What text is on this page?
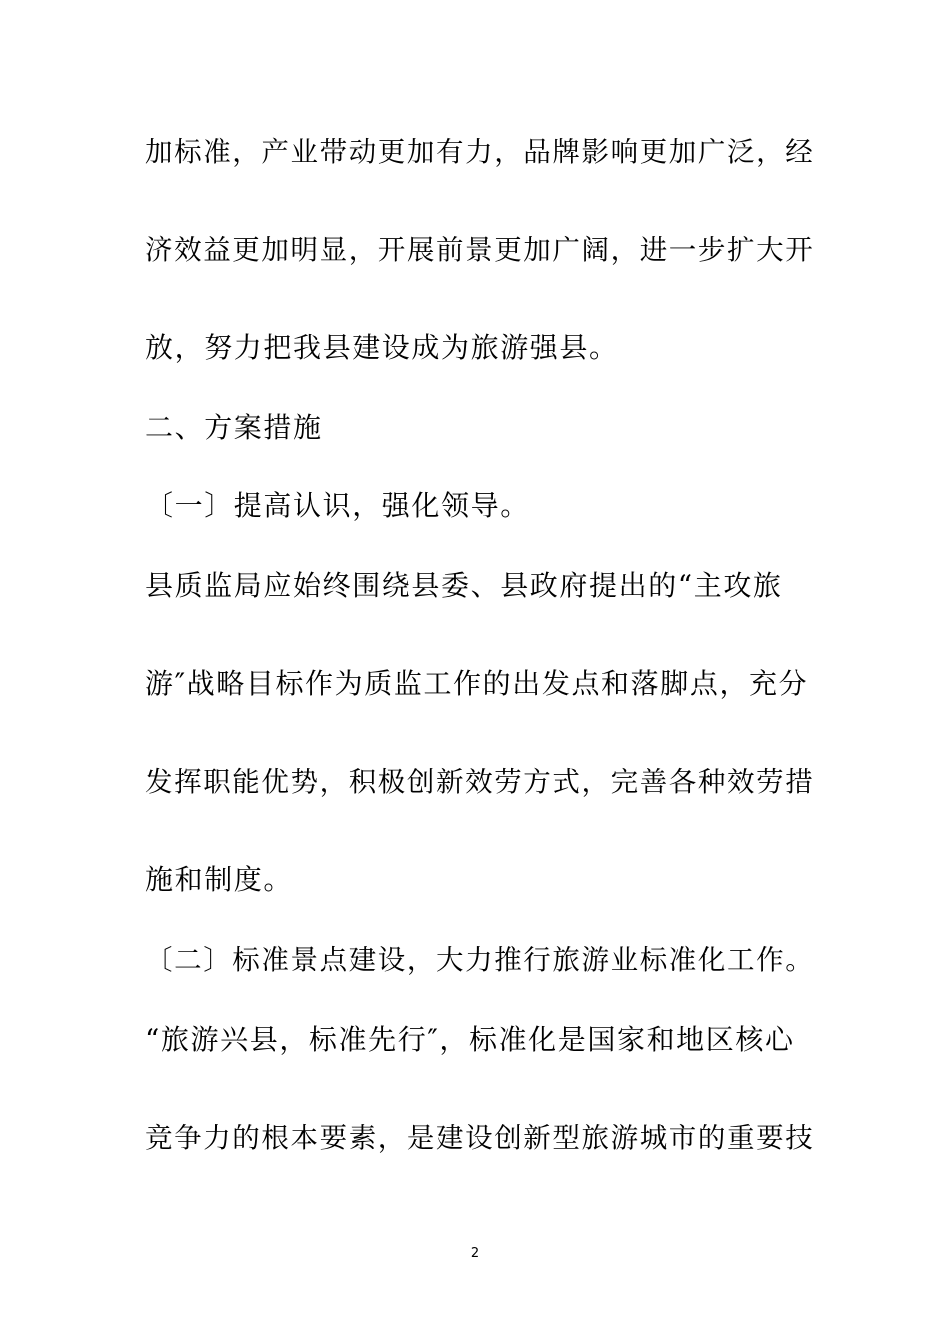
加标准，产业带动更加有力，品牌影响更加广泛，经
济效益更加明显，开展前景更加广阔，进一步扩大开
放，努力把我县建设成为旅游强县。
二、方案措施
〔一〕提高认识，强化领导。
县质监局应始终围绕县委、县政府提出的“主攻旅
游″战略目标作为质监工作的出发点和落脚点，充分
发挥职能优势，积极创新效劳方式，完善各种效劳措
施和制度。
〔二〕标准景点建设，大力推行旅游业标准化工作。
“旅游兴县，标准先行″，标准化是国家和地区核心
竞争力的根本要素，是建设创新型旅游城市的重要技
2
